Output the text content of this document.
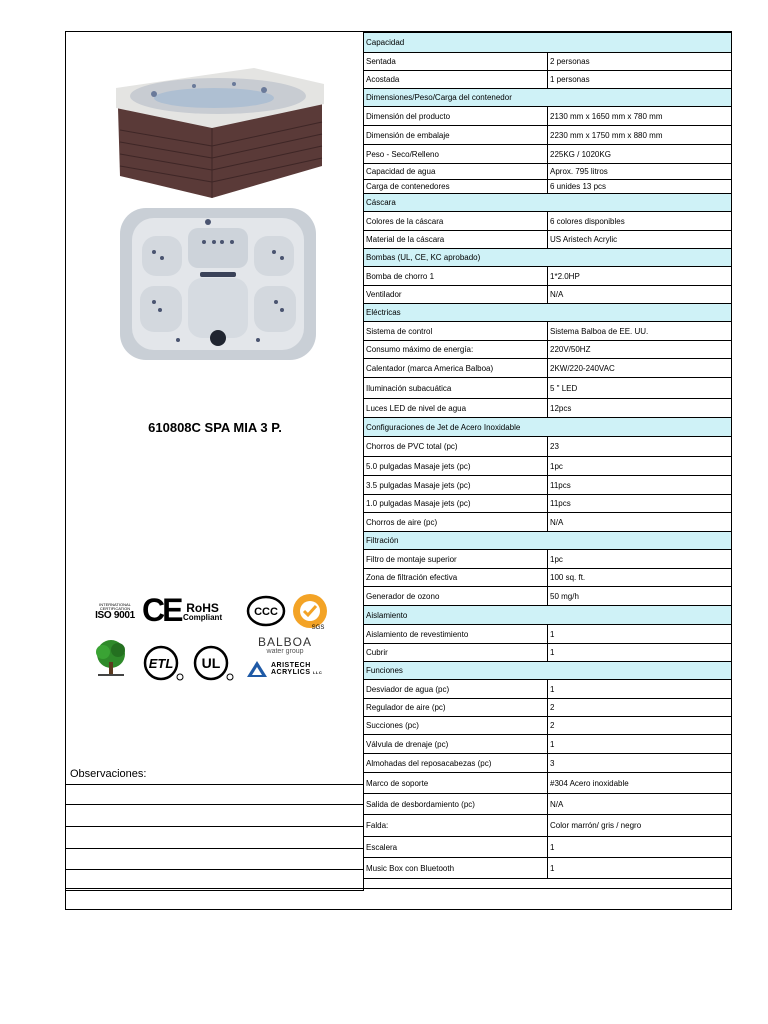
610808C SPA MIA 3 P.
INTERNATIONAL
CERTIFICATION
ISO 9001 CE RoHS
Compliant	CCC
SGS
ETL UL
BALBOA
water group
ARISTECH
ACRYLICS LLC
Capacidad	
Sentada	2 personas
Acostada	1 personas
Dimensiones/Peso/Carga del contenedor	
Dimensión del producto	2130 mm x 1650 mm x 780 mm
Dimensión de embalaje	2230 mm x 1750 mm x 880 mm
Peso - Seco/Relleno	225KG / 1020KG
Capacidad de agua	Aprox. 795 litros
Carga de contenedores	6 unides 13 pcs
Cáscara	
Colores de la cáscara	6 colores disponibles
Material de la cáscara	US Aristech Acrylic
Bombas (UL, CE, KC aprobado)	
Bomba de chorro 1	1*2.0HP
Ventilador	N/A
Eléctricas	
Sistema de control	Sistema Balboa de EE. UU.
Consumo máximo de energía:	220V/50HZ
Calentador (marca America Balboa)	2KW/220-240VAC
Iluminación subacuática	5 " LED
Luces LED de nivel de agua	12pcs
Configuraciones de Jet de Acero Inoxidable	
Chorros de PVC total (pc)	23
5.0 pulgadas Masaje jets (pc)	1pc
3.5 pulgadas Masaje jets (pc)	11pcs
1.0 pulgadas Masaje jets (pc)	11pcs
Chorros de aire (pc)	N/A
Filtración	
Filtro de montaje superior	1pc
Zona de filtración efectiva	100 sq. ft.
Generador de ozono	50 mg/h
Aislamiento	
Aislamiento de revestimiento	1
Cubrir	1
Funciones	
Desviador de agua (pc)	1
Regulador de aire (pc)	2
Succiones (pc)	2
Válvula de drenaje (pc)	1
Almohadas del reposacabezas (pc)	3
Marco de soporte	#304 Acero inoxidable
Salida de desbordamiento (pc)	N/A
Falda:	Color marrón/ gris / negro
Escalera	1
Music Box con Bluetooth	1
Observaciones:
